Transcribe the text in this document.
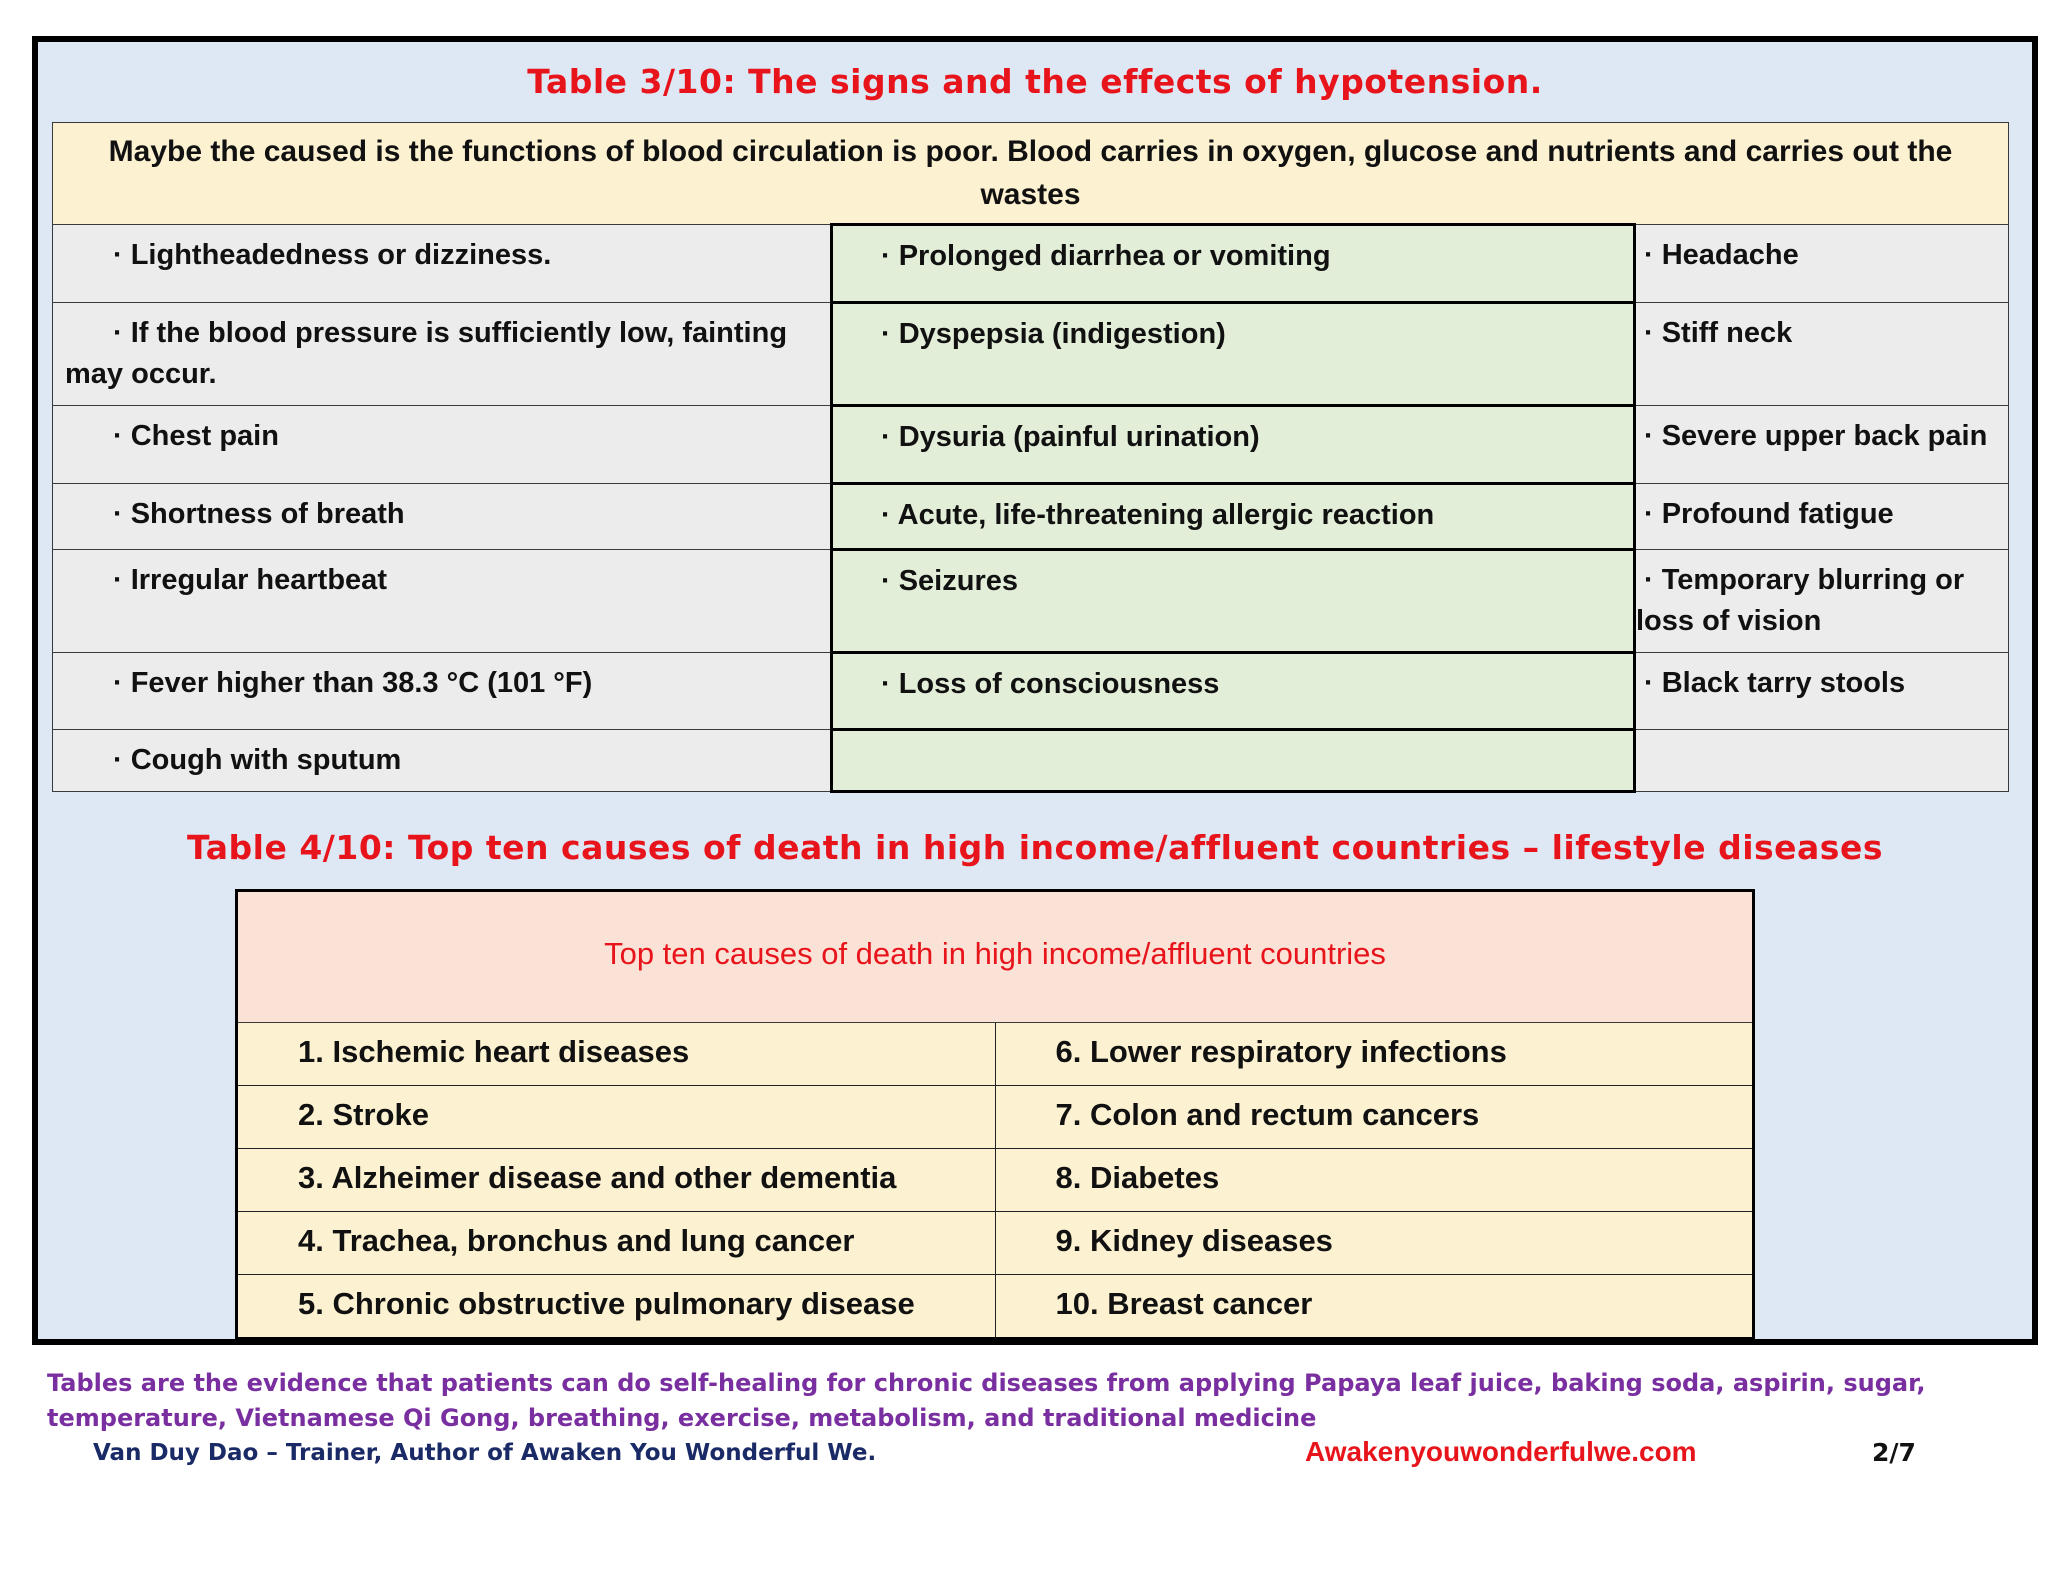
Table 3/10: The signs and the effects of hypotension.
Maybe the caused is the functions of blood circulation is poor. Blood carries in oxygen, glucose and nutrients and carries out the wastes		
· Lightheadedness or dizziness.	· Prolonged diarrhea or vomiting	· Headache

· If the blood pressure is sufficiently low, fainting may occur.	· Dyspepsia (indigestion)	· Stiff neck
· Chest pain	· Dysuria (painful urination)	· Severe upper back pain
· Shortness of breath	· Acute, life-threatening allergic reaction	· Profound fatigue
· Irregular heartbeat	· Seizures	· Temporary blurring or loss of vision

· Fever higher than 38.3 °C (101 °F)	· Loss of consciousness	· Black tarry stools
· Cough with sputum		
Table 4/10: Top ten causes of death in high income/affluent countries – lifestyle diseases
Top ten causes of death in high income/affluent countries	
1. Ischemic heart diseases	6. Lower respiratory infections
2. Stroke	7. Colon and rectum cancers
3. Alzheimer disease and other dementia	8. Diabetes
4. Trachea, bronchus and lung cancer	9. Kidney diseases
5. Chronic obstructive pulmonary disease	10. Breast cancer
Tables are the evidence that patients can do self-healing for chronic diseases from applying Papaya leaf juice, baking soda, aspirin, sugar, temperature, Vietnamese Qi Gong, breathing, exercise, metabolism, and traditional medicine
Van Duy Dao – Trainer, Author of Awaken You Wonderful We.	Awakenyouwonderfulwe.com	2/7
